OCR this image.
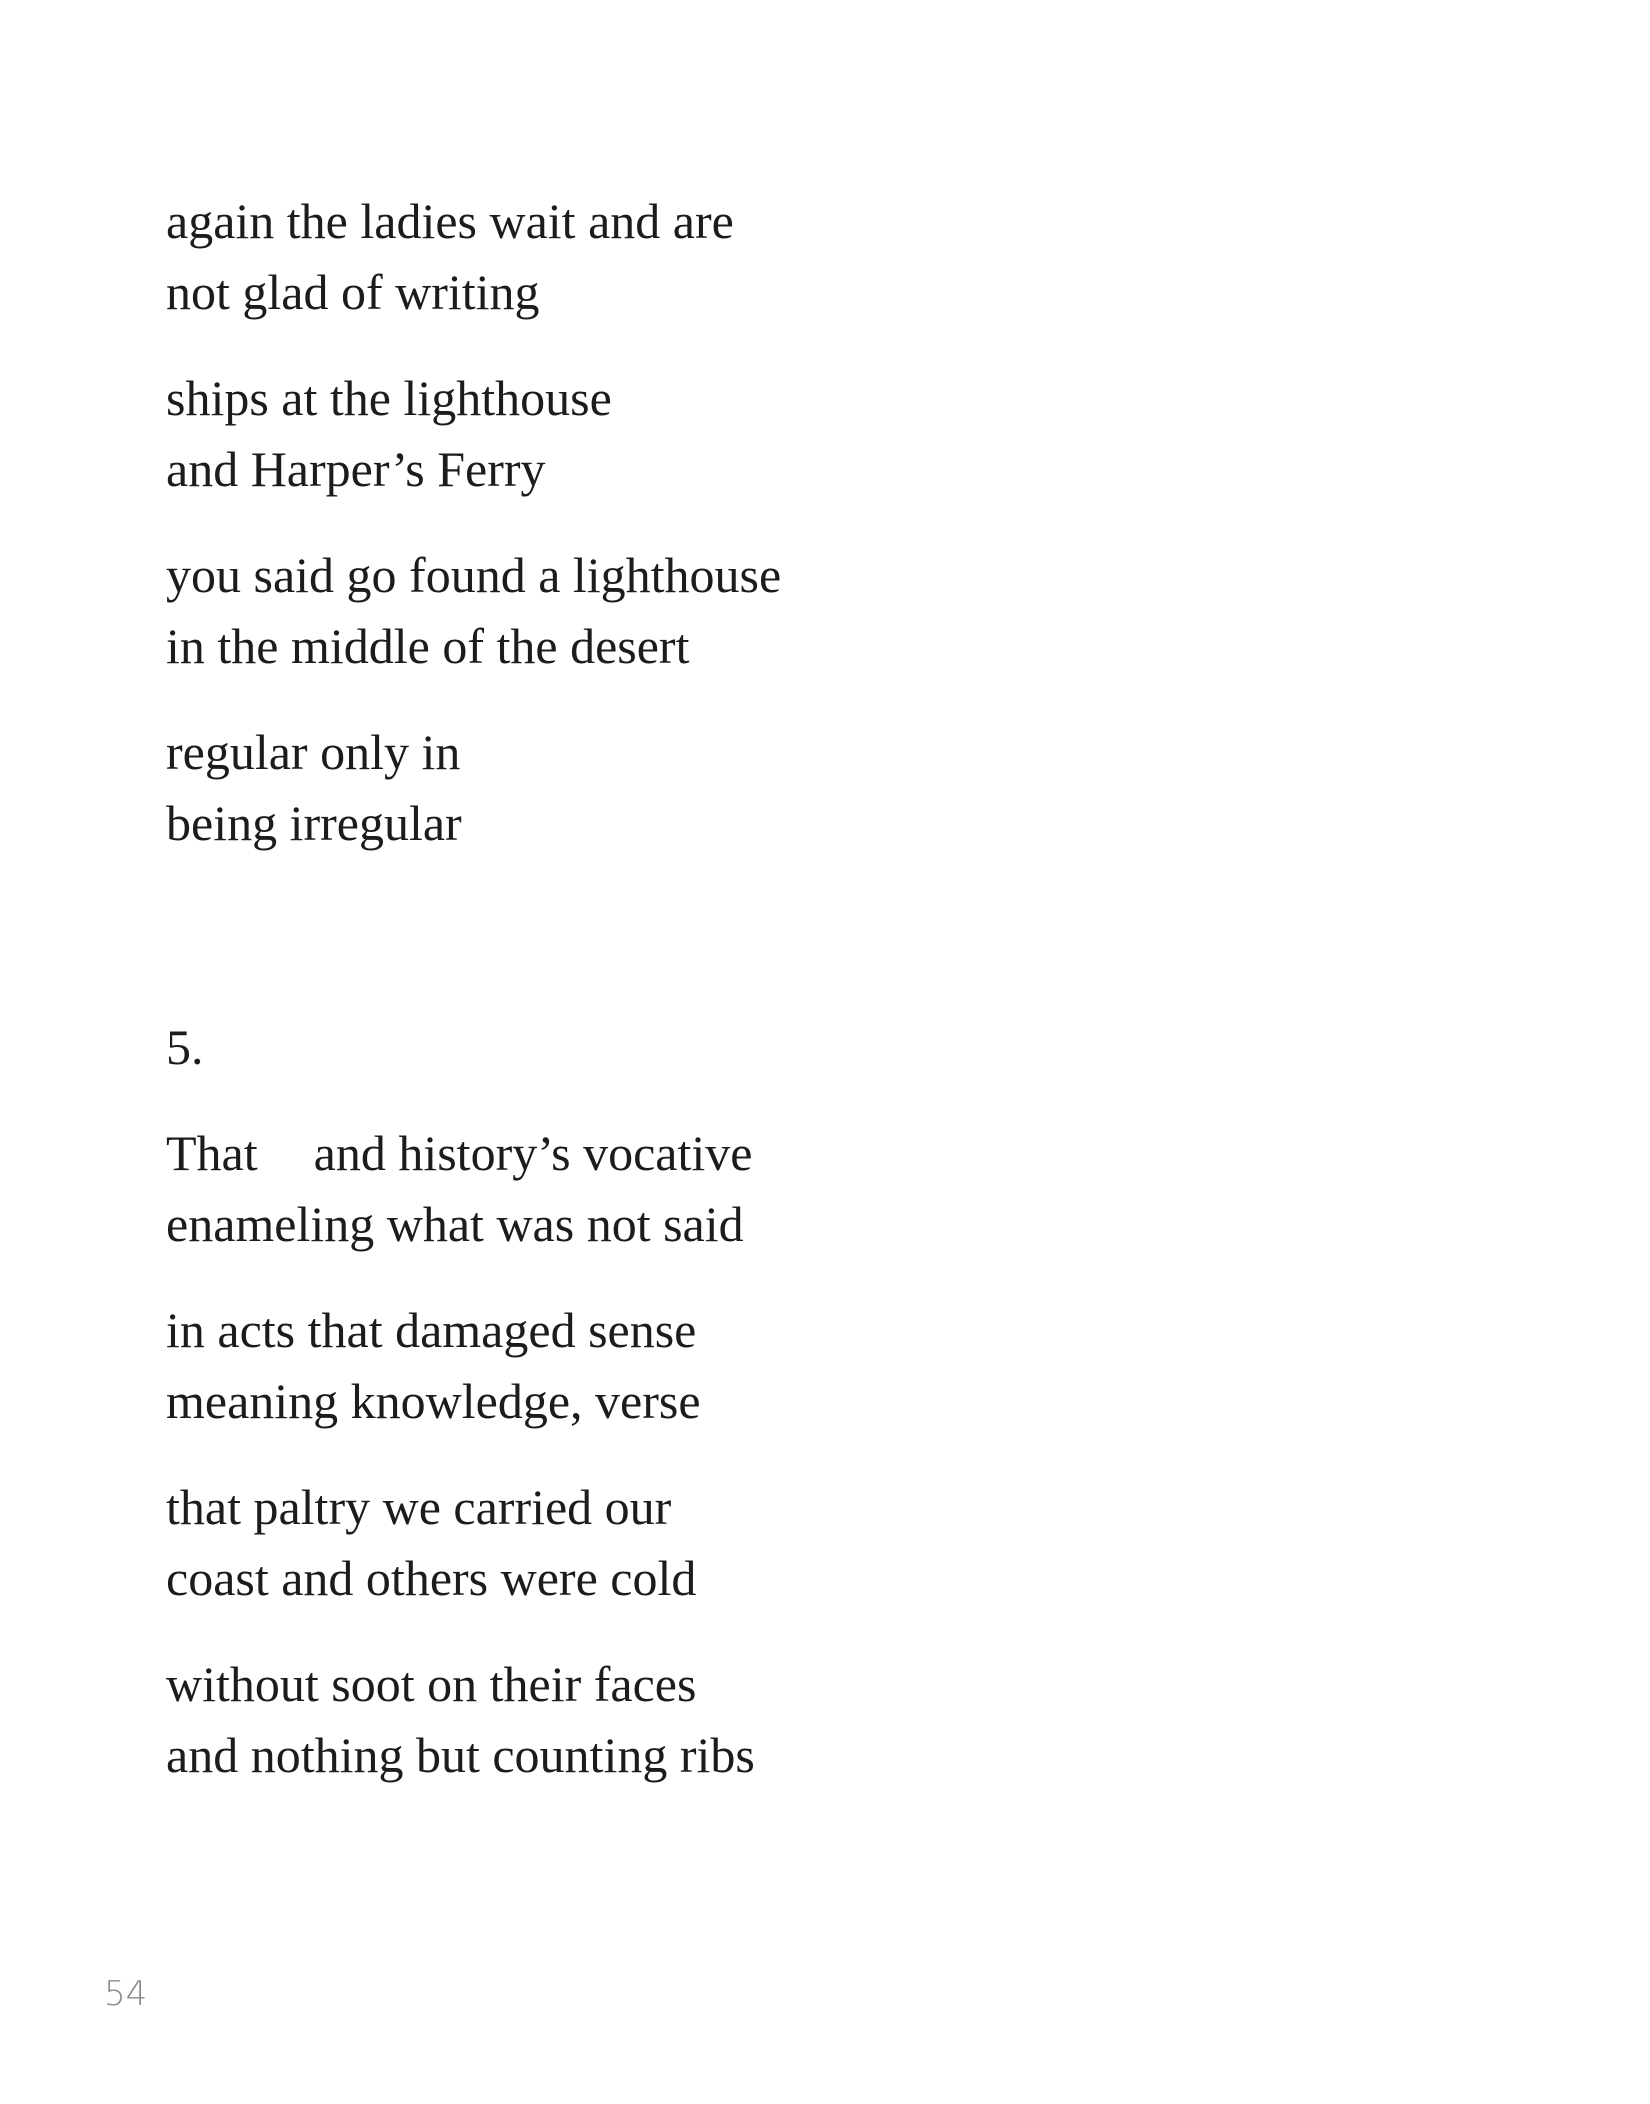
again the ladies wait and are
not glad of writing
ships at the lighthouse
and Harper’s Ferry
you said go found a lighthouse
in the middle of the desert
regular only in
being irregular
5.
That and history’s vocative
enameling what was not said
in acts that damaged sense
meaning knowledge, verse
that paltry we carried our
coast and others were cold
without soot on their faces
and nothing but counting ribs
54
